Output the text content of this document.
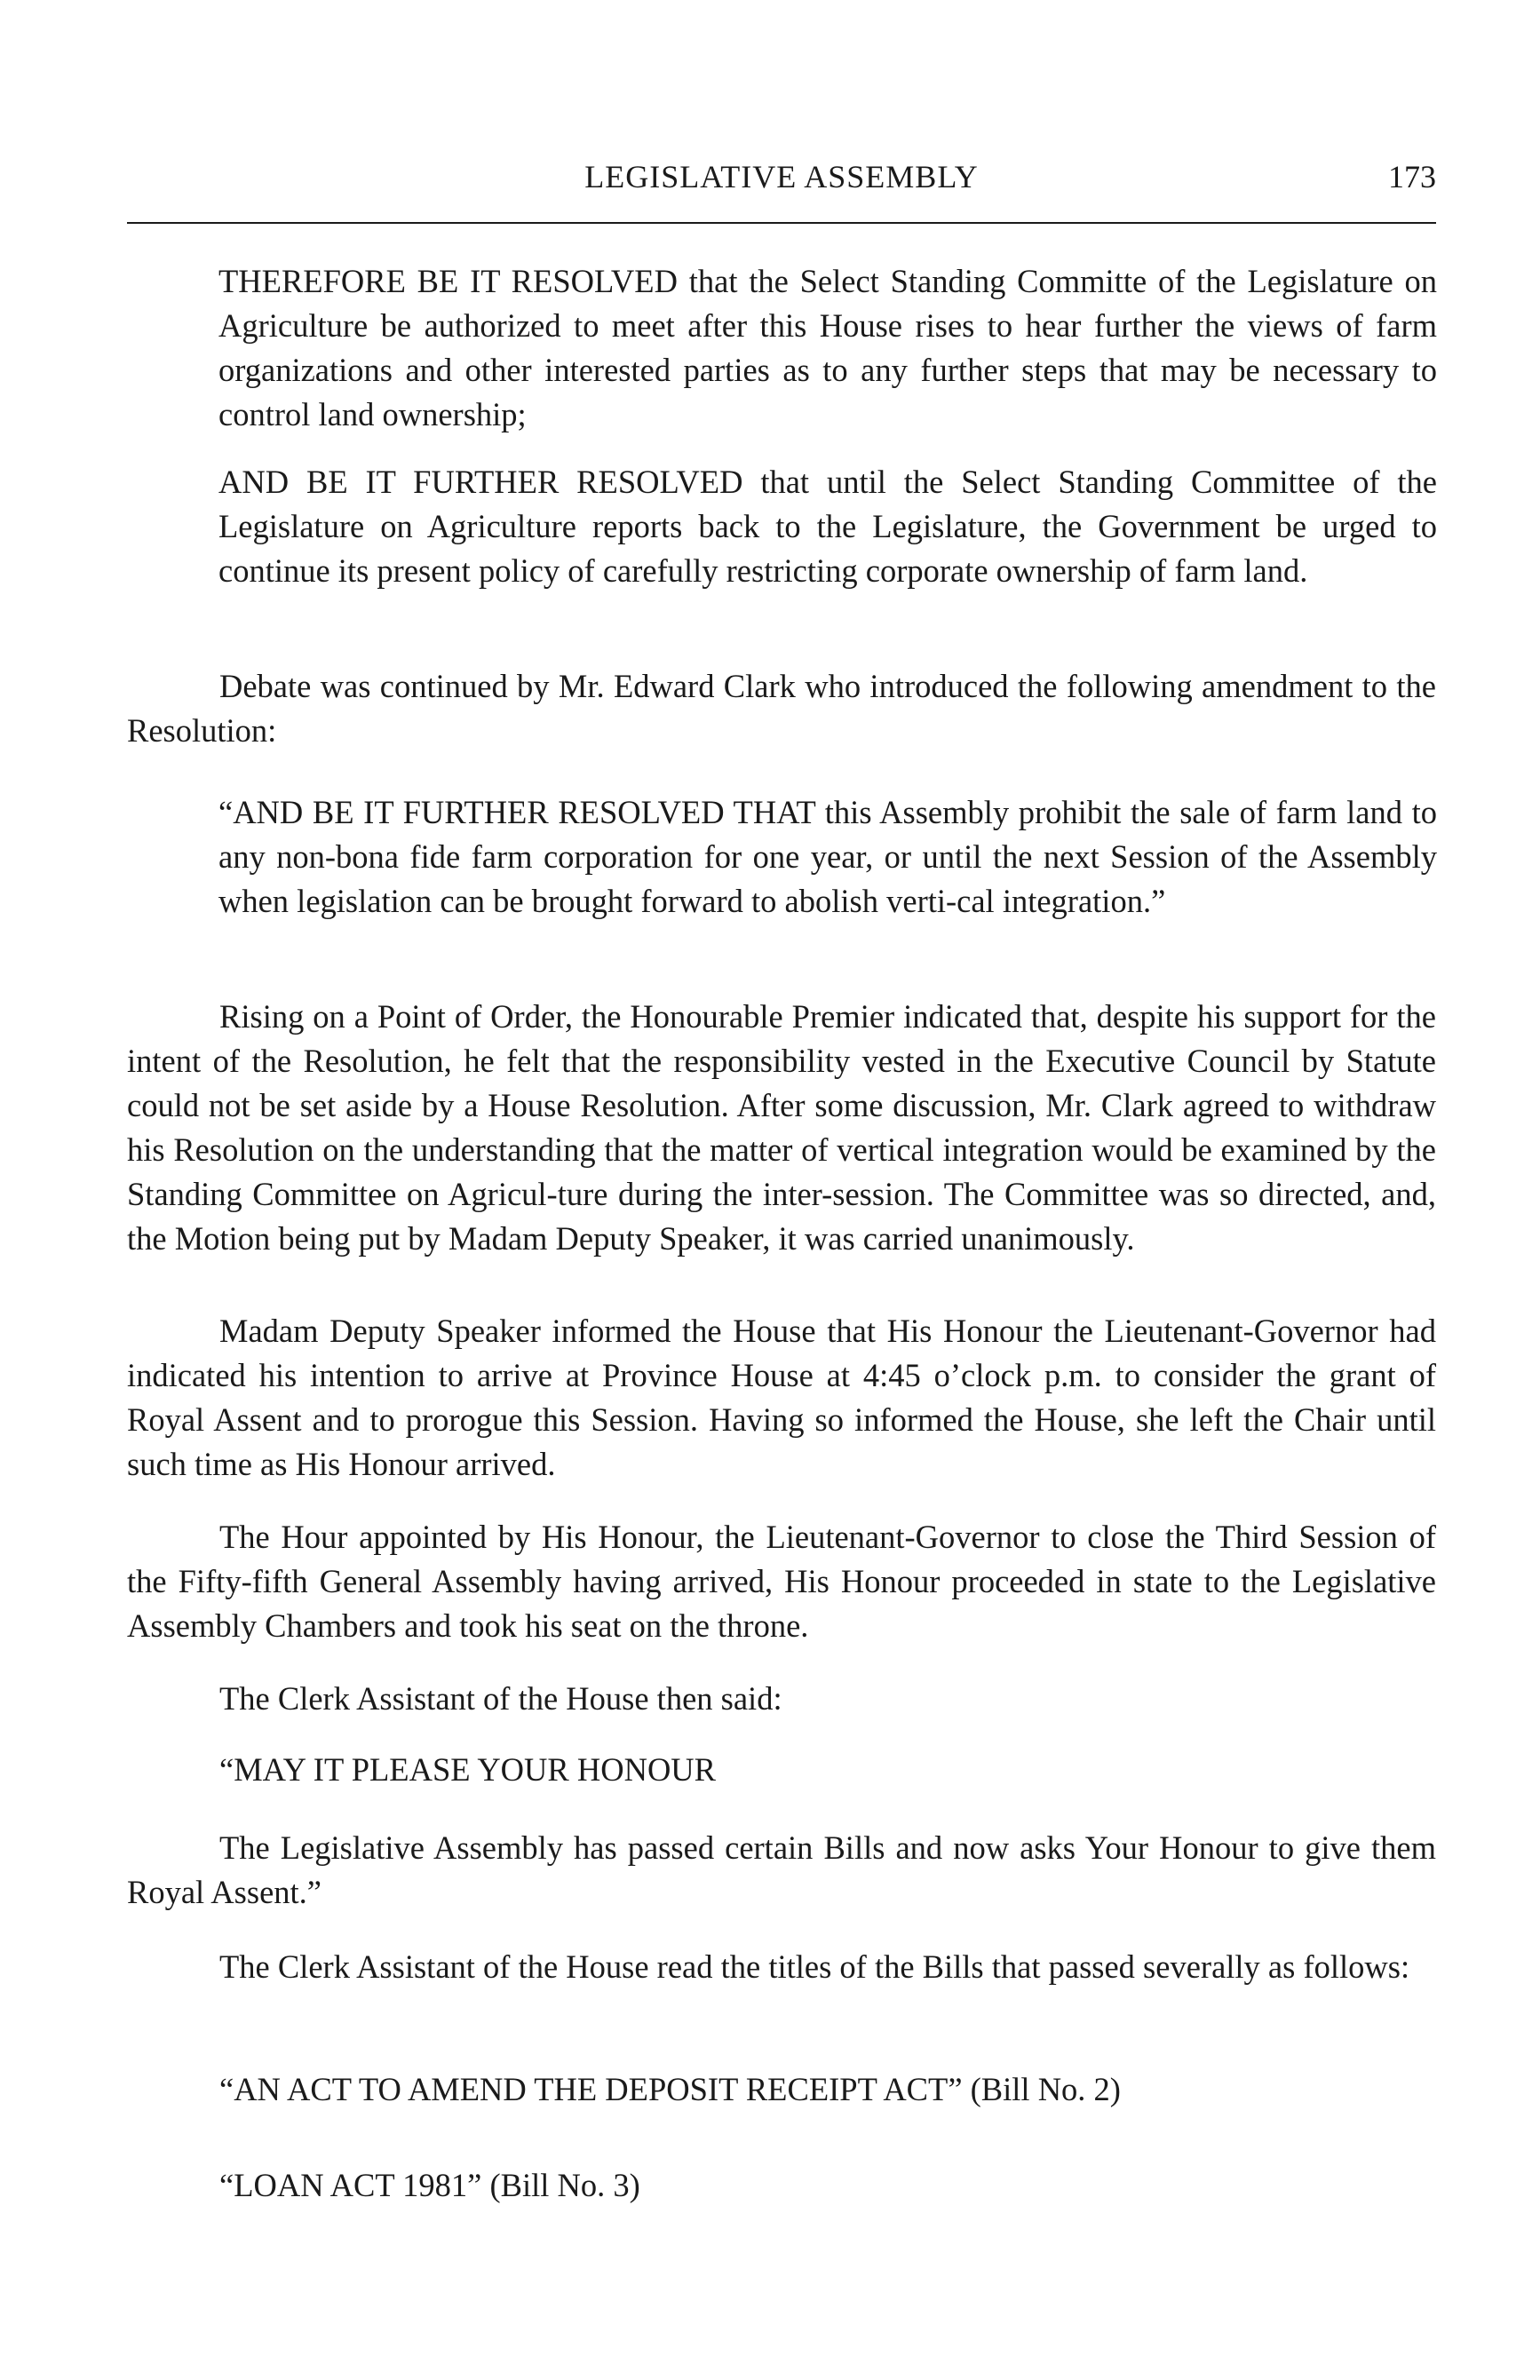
LEGISLATIVE ASSEMBLY	173

THEREFORE BE IT RESOLVED that the Select Standing Committe of the Legislature on Agriculture be authorized to meet after this House rises to hear further the views of farm organizations and other interested parties as to any further steps that may be necessary to control land ownership;

AND BE IT FURTHER RESOLVED that until the Select Standing Committee of the Legislature on Agriculture reports back to the Legislature, the Government be urged to continue its present policy of carefully restricting corporate ownership of farm land.

Debate was continued by Mr. Edward Clark who introduced the following amendment to the Resolution:

“AND BE IT FURTHER RESOLVED THAT this Assembly prohibit the sale of farm land to any non-bona fide farm corporation for one year, or until the next Session of the Assembly when legislation can be brought forward to abolish verti-cal integration.”

Rising on a Point of Order, the Honourable Premier indicated that, despite his support for the intent of the Resolution, he felt that the responsibility vested in the Executive Council by Statute could not be set aside by a House Resolution. After some discussion, Mr. Clark agreed to withdraw his Resolution on the understanding that the matter of vertical integration would be examined by the Standing Committee on Agricul-ture during the inter-session. The Committee was so directed, and, the Motion being put by Madam Deputy Speaker, it was carried unanimously.

Madam Deputy Speaker informed the House that His Honour the Lieutenant-Governor had indicated his intention to arrive at Province House at 4:45 o’clock p.m. to consider the grant of Royal Assent and to prorogue this Session. Having so informed the House, she left the Chair until such time as His Honour arrived.

The Hour appointed by His Honour, the Lieutenant-Governor to close the Third Session of the Fifty-fifth General Assembly having arrived, His Honour proceeded in state to the Legislative Assembly Chambers and took his seat on the throne.

The Clerk Assistant of the House then said:

“MAY IT PLEASE YOUR HONOUR

The Legislative Assembly has passed certain Bills and now asks Your Honour to give them Royal Assent.”

The Clerk Assistant of the House read the titles of the Bills that passed severally as follows:

“AN ACT TO AMEND THE DEPOSIT RECEIPT ACT” (Bill No. 2)

“LOAN ACT 1981” (Bill No. 3)
